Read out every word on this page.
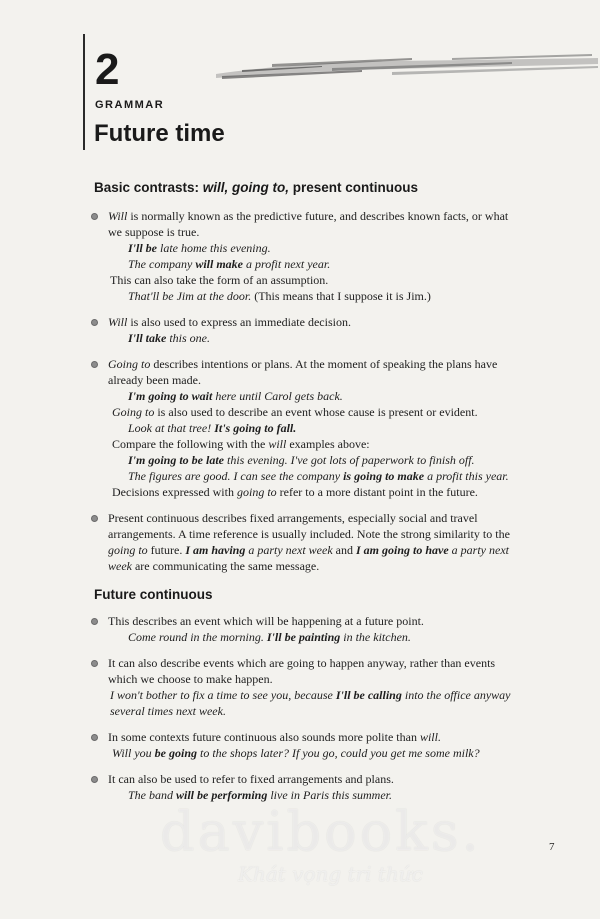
2
GRAMMAR
Future time
Basic contrasts: will, going to, present continuous
Will is normally known as the predictive future, and describes known facts, or what
we suppose is true.
I'll be late home this evening.
The company will make a profit next year.
This can also take the form of an assumption.
That'll be Jim at the door. (This means that I suppose it is Jim.)
Will is also used to express an immediate decision.
I'll take this one.
Going to describes intentions or plans. At the moment of speaking the plans have
already been made.
I'm going to wait here until Carol gets back.
Going to is also used to describe an event whose cause is present or evident.
Look at that tree! It's going to fall.
Compare the following with the will examples above:
I'm going to be late this evening. I've got lots of paperwork to finish off.
The figures are good. I can see the company is going to make a profit this year.
Decisions expressed with going to refer to a more distant point in the future.
Present continuous describes fixed arrangements, especially social and travel
arrangements. A time reference is usually included. Note the strong similarity to the
going to future. I am having a party next week and I am going to have a party next
week are communicating the same message.
Future continuous
This describes an event which will be happening at a future point.
Come round in the morning. I'll be painting in the kitchen.
It can also describe events which are going to happen anyway, rather than events
which we choose to make happen.
I won't bother to fix a time to see you, because I'll be calling into the office anyway
several times next week.
In some contexts future continuous also sounds more polite than will.
Will you be going to the shops later? If you go, could you get me some milk?
It can also be used to refer to fixed arrangements and plans.
The band will be performing live in Paris this summer.
7
davibooks.
Khát vọng tri thức
